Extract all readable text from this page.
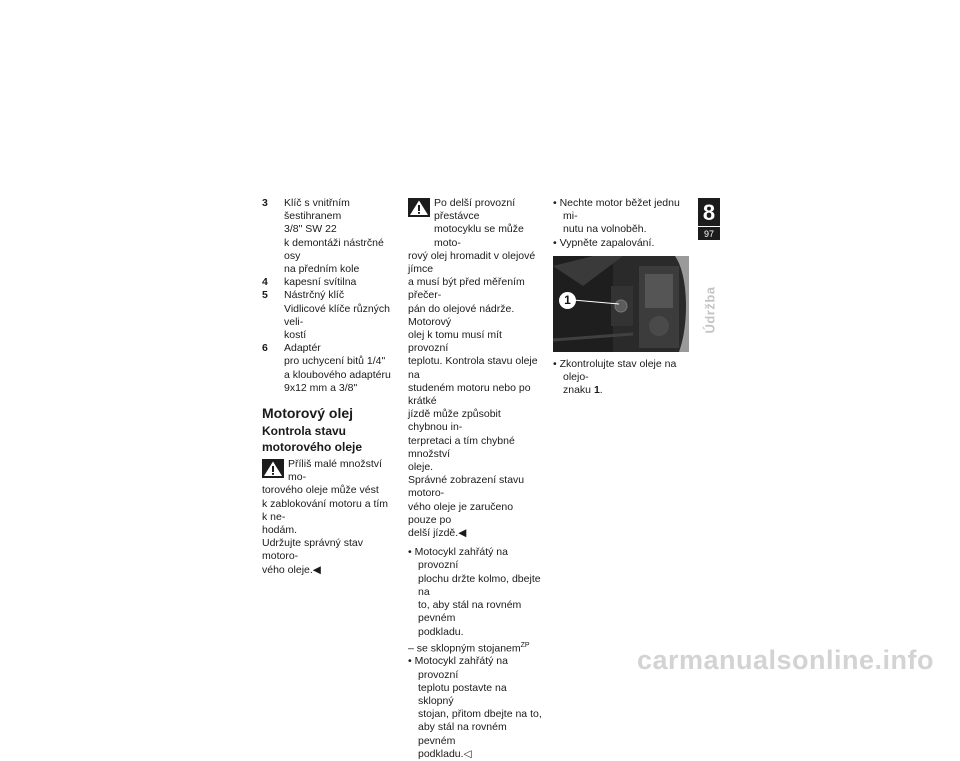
3	Klíč s vnitřním šestihranem
3/8" SW 22
k demontáži nástrčné osy
na předním kole
4	kapesní svítilna
5	Nástrčný klíč
Vidlicové klíče různých veli-
kostí
6	Adaptér
pro uchycení bitů 1/4"
a kloubového adaptéru
9x12 mm a 3/8"
Motorový olej
Kontrola stavu
motorového oleje
Příliš malé množství mo-
torového oleje může vést
k zablokování motoru a tím k ne-
hodám.
Udržujte správný stav motoro-
vého oleje.◀
Po delší provozní přestávce
motocyklu se může moto-
rový olej hromadit v olejové jímce
a musí být před měřením přečer-
pán do olejové nádrže. Motorový
olej k tomu musí mít provozní
teplotu. Kontrola stavu oleje na
studeném motoru nebo po krátké
jízdě může způsobit chybnou in-
terpretaci a tím chybné množství
oleje.
Správné zobrazení stavu motoro-
vého oleje je zaručeno pouze po
delší jízdě.◀
• Motocykl zahřátý na provozní
plochu držte kolmo, dbejte na
to, aby stál na rovném pevném
podkladu.
– se sklopným stojanem$^{ZP}$
• Motocykl zahřátý na provozní
teplotu postavte na sklopný
stojan, přitom dbejte na to,
aby stál na rovném pevném
podkladu.◁
• Nechte motor běžet jednu mi-
nutu na volnoběh.
• Vypněte zapalování.
1
• Zkontrolujte stav oleje na olejo-
znaku 1.
8
97
Údržba
carmanualsonline.info
